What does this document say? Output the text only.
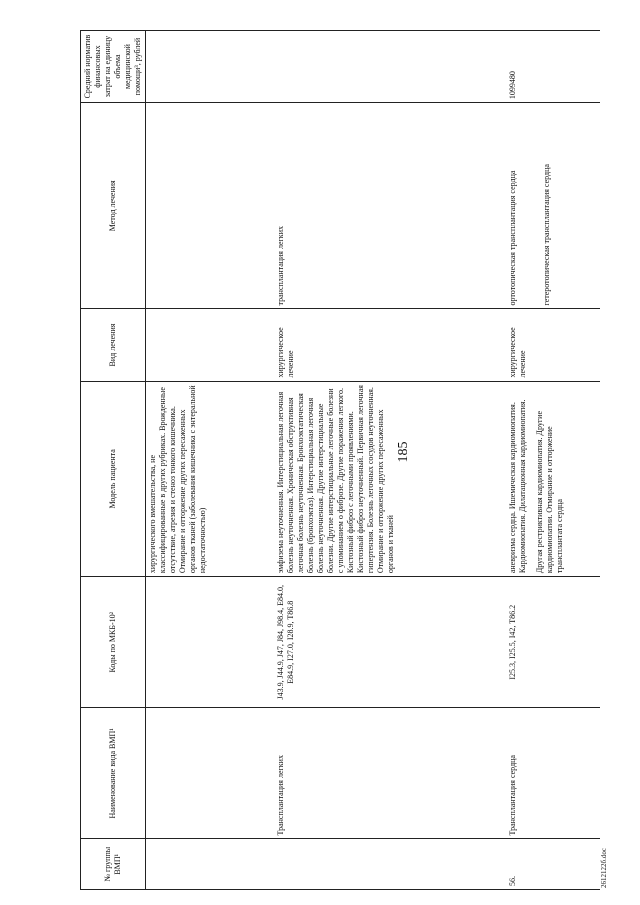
185
№ группы ВМП¹	Наименование вида ВМП¹	Коды по МКБ-10²	Модель пациента	Вид лечения	Метод лечения	Средний норматив финансовых затрат на единицу объема медицинской помощи³, рублей
			хирургического вмешательства, не классифицированные в других рубриках. Врожденные отсутствие, атрезия и стеноз тонкого кишечника. Отмирание и отторжение других пересаженных органов тканей (заболевания кишечника с энтеральной недостаточностью)			
	Трансплантация легких	J43.9, J44.9, J47, J84, J98.4, E84.0, E84.9, I27.0, I28.9, T86.8	эмфизема неуточненная. Интерстициальная легочная болезнь неуточненная. Хроническая обструктивная легочная болезнь неуточненная. Бронхоэктатическая болезнь (бронхоэктаз). Интерстициальная легочная болезнь неуточненная. Другие интерстициальные болезни. Другие интерстициальные легочные болезни с упоминанием о фиброзе. Другие поражения легкого. Кистозный фиброз с легочными проявлениями. Кистозный фиброз неуточненный. Первичная легочная гипертензия. Болезнь легочных сосудов неуточненная. Отмирание и отторжение других пересаженных органов и тканей	хирургическое лечение	трансплантация легких	
56.	Трансплантация сердца	I25.3, I25.5, I42, T86.2	аневризма сердца. Ишемическая кардиомиопатия. Кардиомиопатия. Дилатационная кардиомиопатия. Другая рестриктивная кардиомиопатия. Другие кардиомиопатии. Отмирание и отторжение трансплантата сердца	хирургическое лечение	ортотопическая трансплантация сердца гетеротопическая трансплантация сердца	1099480
2612122б.doc
